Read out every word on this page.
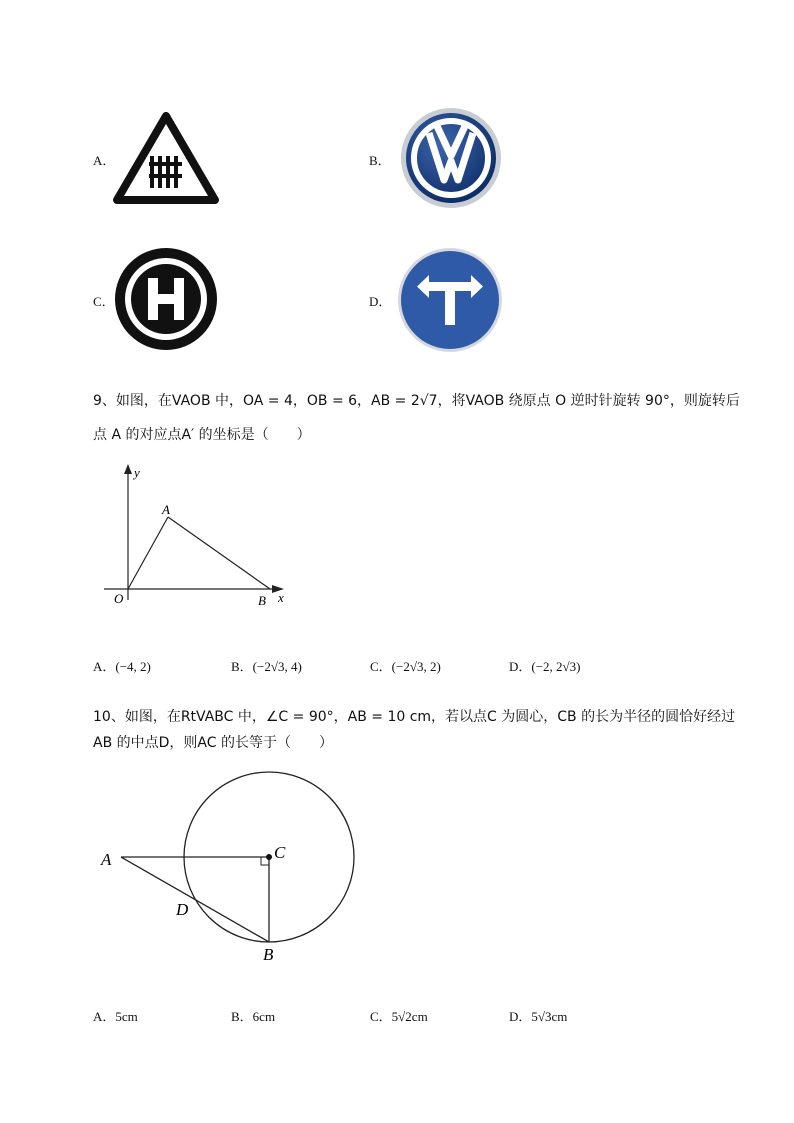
A．	B．
C．	D．
9、如图，在VAOB 中，OA = 4，OB = 6，AB = 2√7，将VAOB 绕原点 O 逆时针旋转 90°，则旋转后
点 A 的对应点A′ 的坐标是（　　）
y
x
O
A
B
A．(−4, 2)	B．(−2√3, 4)	C．(−2√3, 2)	D．(−2, 2√3)
10、如图，在RtVABC 中，∠C = 90°，AB = 10 cm，若以点C 为圆心，CB 的长为半径的圆恰好经过
AB 的中点D，则AC 的长等于（　　）
A	C
D
B
A．5cm	B．6cm	C．5√2cm	D．5√3cm
